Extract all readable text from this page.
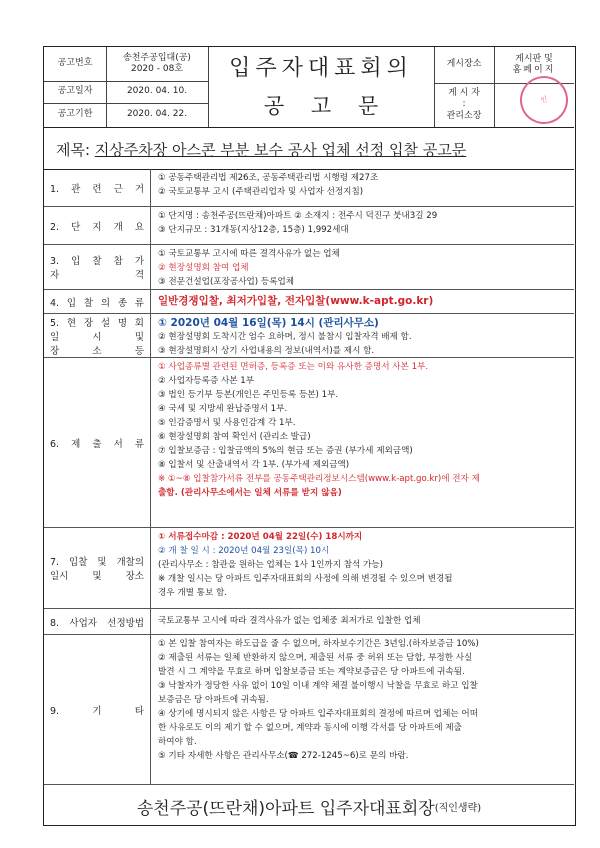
공고번호
송천주공입대(공)
2020 - 08호
공고일자	2020. 04. 10.
공고기한	2020. 04. 22.
입주자대표회의
공    고    문
게시장소
게시판 및
홈페이지
게 시 자
:
관리소장
제목: 지상주차장 아스콘 부분 보수 공사 업체 선정 입찰 공고문
1. 관 련 근 거
① 공동주택관리법 제26조, 공동주택관리법 시행령 제27조
② 국토교통부 고시 (주택관리업자 및 사업자 선정지침)
2. 단 지 개 요
① 단지명 : 송천주공(뜨란채)아파트 ② 소재지 : 전주시 덕진구 붓내3길 29
③ 단지규모 : 31개동(지상12층, 15층) 1,992세대
3. 입 찰 참 가
자 격
① 국토교통부 고시에 따른 결격사유가 없는 업체
② 현장설명회 참여 업체
③ 전문건설업(포장공사업) 등록업체
4. 입 찰 의 종 류 일반경쟁입찰, 최저가입찰, 전자입찰(www.k-apt.go.kr)
5. 현 장 설 명 회
일 시 및
장 소 등
① 2020년 04월 16일(목) 14시 (관리사무소)
② 현장설명회 도착시간 엄수 요하며, 정시 불참시 입찰자격 배제 함.
③ 현장설명회시 상기 사업내용의 정보(내역서)를 제시 함.
6. 제 출 서 류
① 사업종류별 관련된 면허증, 등록증 또는 이와 유사한 증명서 사본 1부.
② 사업자등록증 사본 1부
③ 법인 등기부 등본(개인은 주민등록 등본) 1부.
④ 국세 및 지방세 완납증명서 1부.
⑤ 인감증명서 및 사용인감계 각 1부.
⑥ 현장설명회 참여 확인서 (관리소 발급)
⑦ 입찰보증금 : 입찰금액의 5%의 현금 또는 증권 (부가세 제외금액)
⑧ 입찰서 및 산출내역서 각 1부. (부가세 제외금액)
※ ①~⑧ 입찰참가서류 전부를 공동주택관리정보시스템(www.k-apt.go.kr)에 전자 제
출함. (관리사무소에서는 일체 서류를 받지 않음)
7. 입찰 및 개찰의
일시 및 장소
① 서류접수마감 : 2020년 04월 22일(수) 18시까지
② 개 찰 일 시 : 2020년 04월 23일(목) 10시
(관리사무소 : 참관을 원하는 업체는 1사 1인까지 참석 가능)
※ 개찰 일시는 당 아파트 입주자대표회의 사정에 의해 변경될 수 있으며 변경될
경우 개별 통보 함.
8. 사업자 선정방법 국토교통부 고시에 따라 결격사유가 없는 업체중 최저가로 입찰한 업체
9. 기 타
① 본 입찰 참여자는 하도급을 줄 수 없으며, 하자보수기간은 3년임.(하자보증금 10%)
② 제출된 서류는 일체 반환하지 않으며, 제출된 서류 중 허위 또는 담합, 부정한 사실
발견 시 그 계약을 무효로 하며 입찰보증금 또는 계약보증금은 당 아파트에 귀속됨.
③ 낙찰자가 정당한 사유 없이 10일 이내 계약 체결 불이행시 낙찰을 무효로 하고 입찰
보증금은 당 아파트에 귀속됨.
④ 상기에 명시되지 않은 사항은 당 아파트 입주자대표회의 결정에 따르며 업체는 어떠
한 사유로도 이의 제기 할 수 없으며, 계약과 동시에 이행 각서를 당 아파트에 제출
하여야 함.
⑤ 기타 자세한 사항은 관리사무소(☎ 272-1245~6)로 문의 바람.
송천주공(뜨란채)아파트 입주자대표회장 (직인생략)
인
